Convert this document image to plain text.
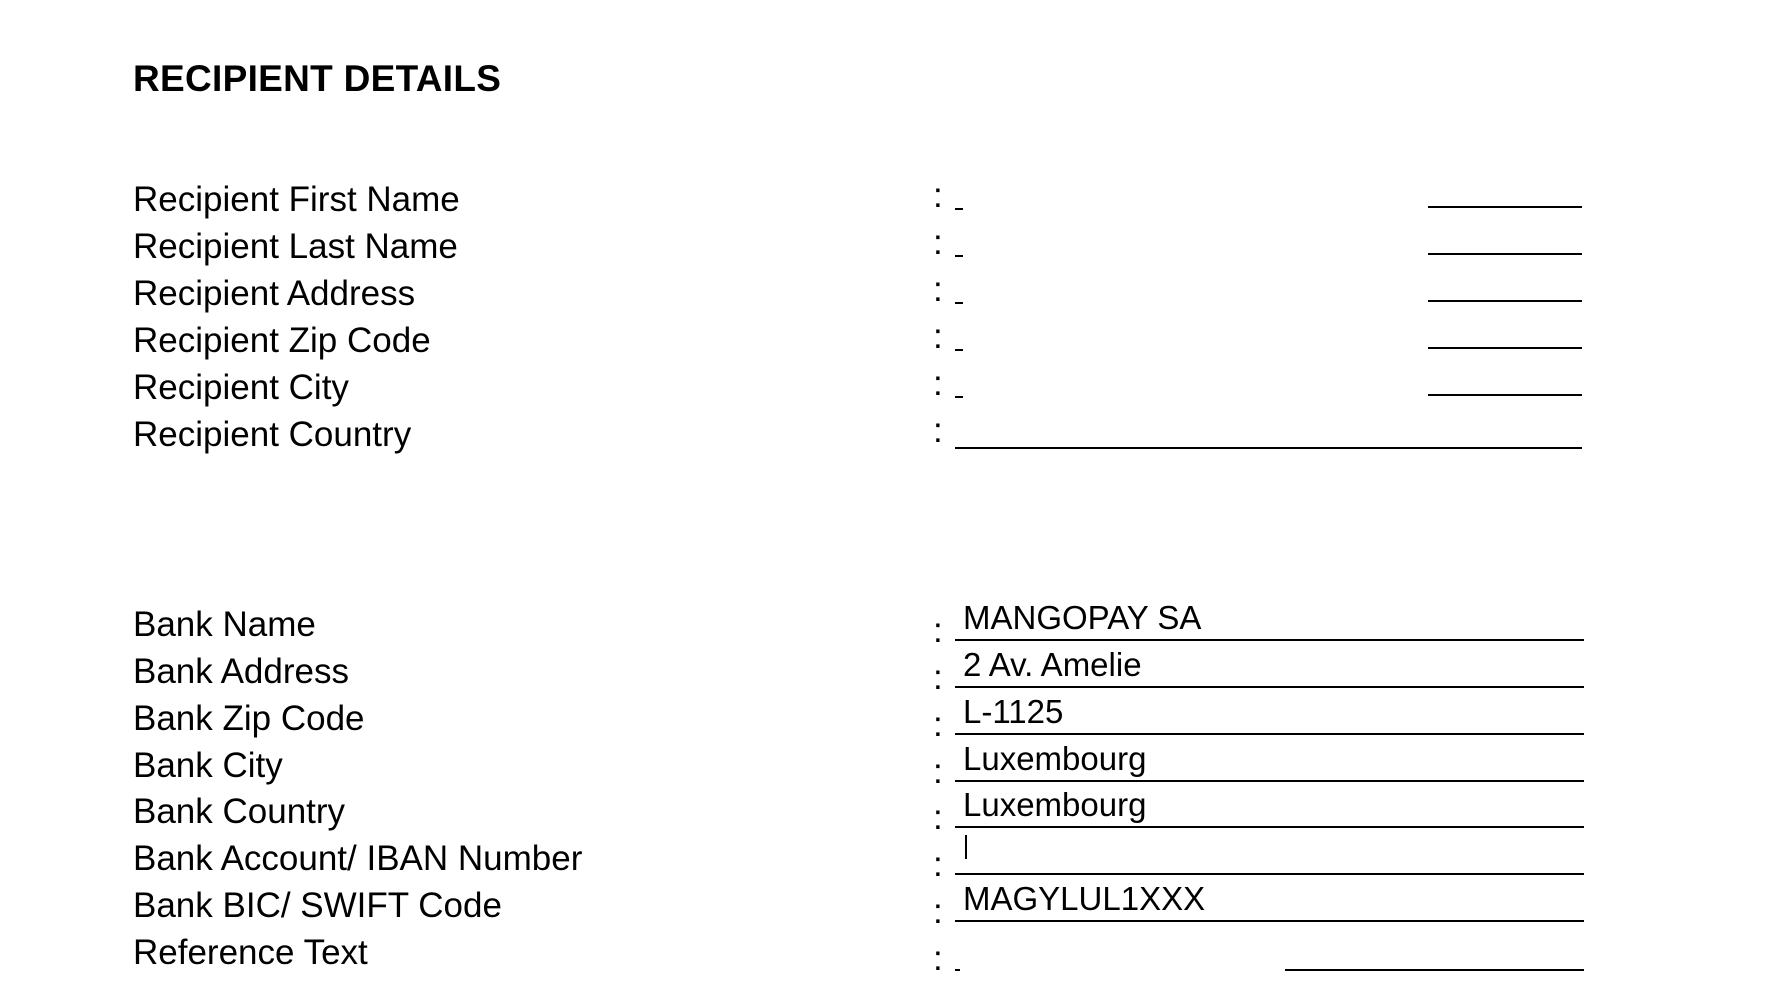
RECIPIENT DETAILS
Recipient First Name	:
Recipient Last Name	:
Recipient Address	:
Recipient Zip Code	:
Recipient City	:
Recipient Country	:
Bank Name	: MANGOPAY SA
Bank Address	: 2 Av. Amelie
Bank Zip Code	: L-1125
Bank City	: Luxembourg
Bank Country	: Luxembourg
Bank Account/ IBAN Number	:
Bank BIC/ SWIFT Code	: MAGYLUL1XXX
Reference Text	:
